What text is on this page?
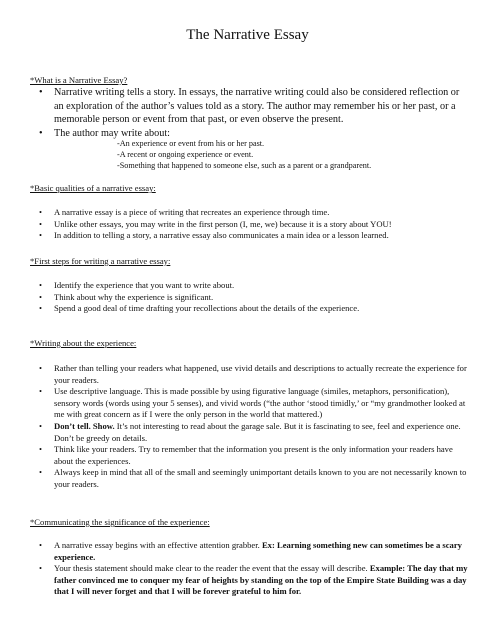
The Narrative Essay
*What is a Narrative Essay?
• Narrative writing tells a story. In essays, the narrative writing could also be considered reflection or an exploration of the author’s values told as a story. The author may remember his or her past, or a memorable person or event from that past, or even observe the present.
• The author may write about:
-An experience or event from his or her past.
-A recent or ongoing experience or event.
-Something that happened to someone else, such as a parent or a grandparent.
*Basic qualities of a narrative essay:
• A narrative essay is a piece of writing that recreates an experience through time.
• Unlike other essays, you may write in the first person (I, me, we) because it is a story about YOU!
• In addition to telling a story, a narrative essay also communicates a main idea or a lesson learned.
*First steps for writing a narrative essay:
• Identify the experience that you want to write about.
• Think about why the experience is significant.
• Spend a good deal of time drafting your recollections about the details of the experience.
*Writing about the experience:
• Rather than telling your readers what happened, use vivid details and descriptions to actually recreate the experience for your readers.
• Use descriptive language. This is made possible by using figurative language (similes, metaphors, personification), sensory words (words using your 5 senses), and vivid words (“the author ‘stood timidly,’ or “my grandmother looked at me with great concern as if I were the only person in the world that mattered.)
• Don’t tell. Show. It’s not interesting to read about the garage sale. But it is fascinating to see, feel and experience one. Don’t be greedy on details.
• Think like your readers. Try to remember that the information you present is the only information your readers have about the experiences.
• Always keep in mind that all of the small and seemingly unimportant details known to you are not necessarily known to your readers.
*Communicating the significance of the experience:
• A narrative essay begins with an effective attention grabber. Ex: Learning something new can sometimes be a scary experience.
• Your thesis statement should make clear to the reader the event that the essay will describe. Example: The day that my father convinced me to conquer my fear of heights by standing on the top of the Empire State Building was a day that I will never forget and that I will be forever grateful to him for.
